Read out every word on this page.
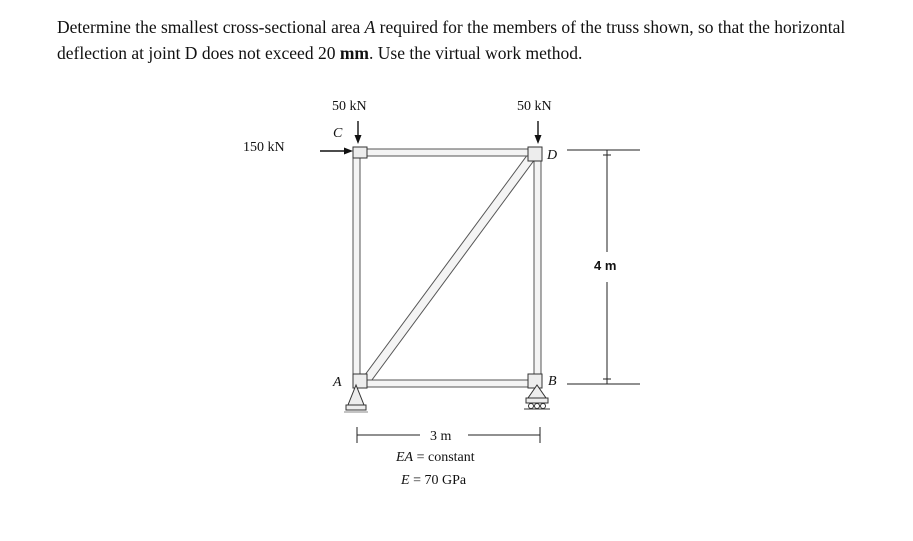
Determine the smallest cross-sectional area A required for the members of the truss shown, so that the horizontal deflection at joint D does not exceed 20 mm. Use the virtual work method.

150 kN
50 kN	50 kN
C
D
A	B
4 m
3 m
EA = constant
E = 70 GPa
